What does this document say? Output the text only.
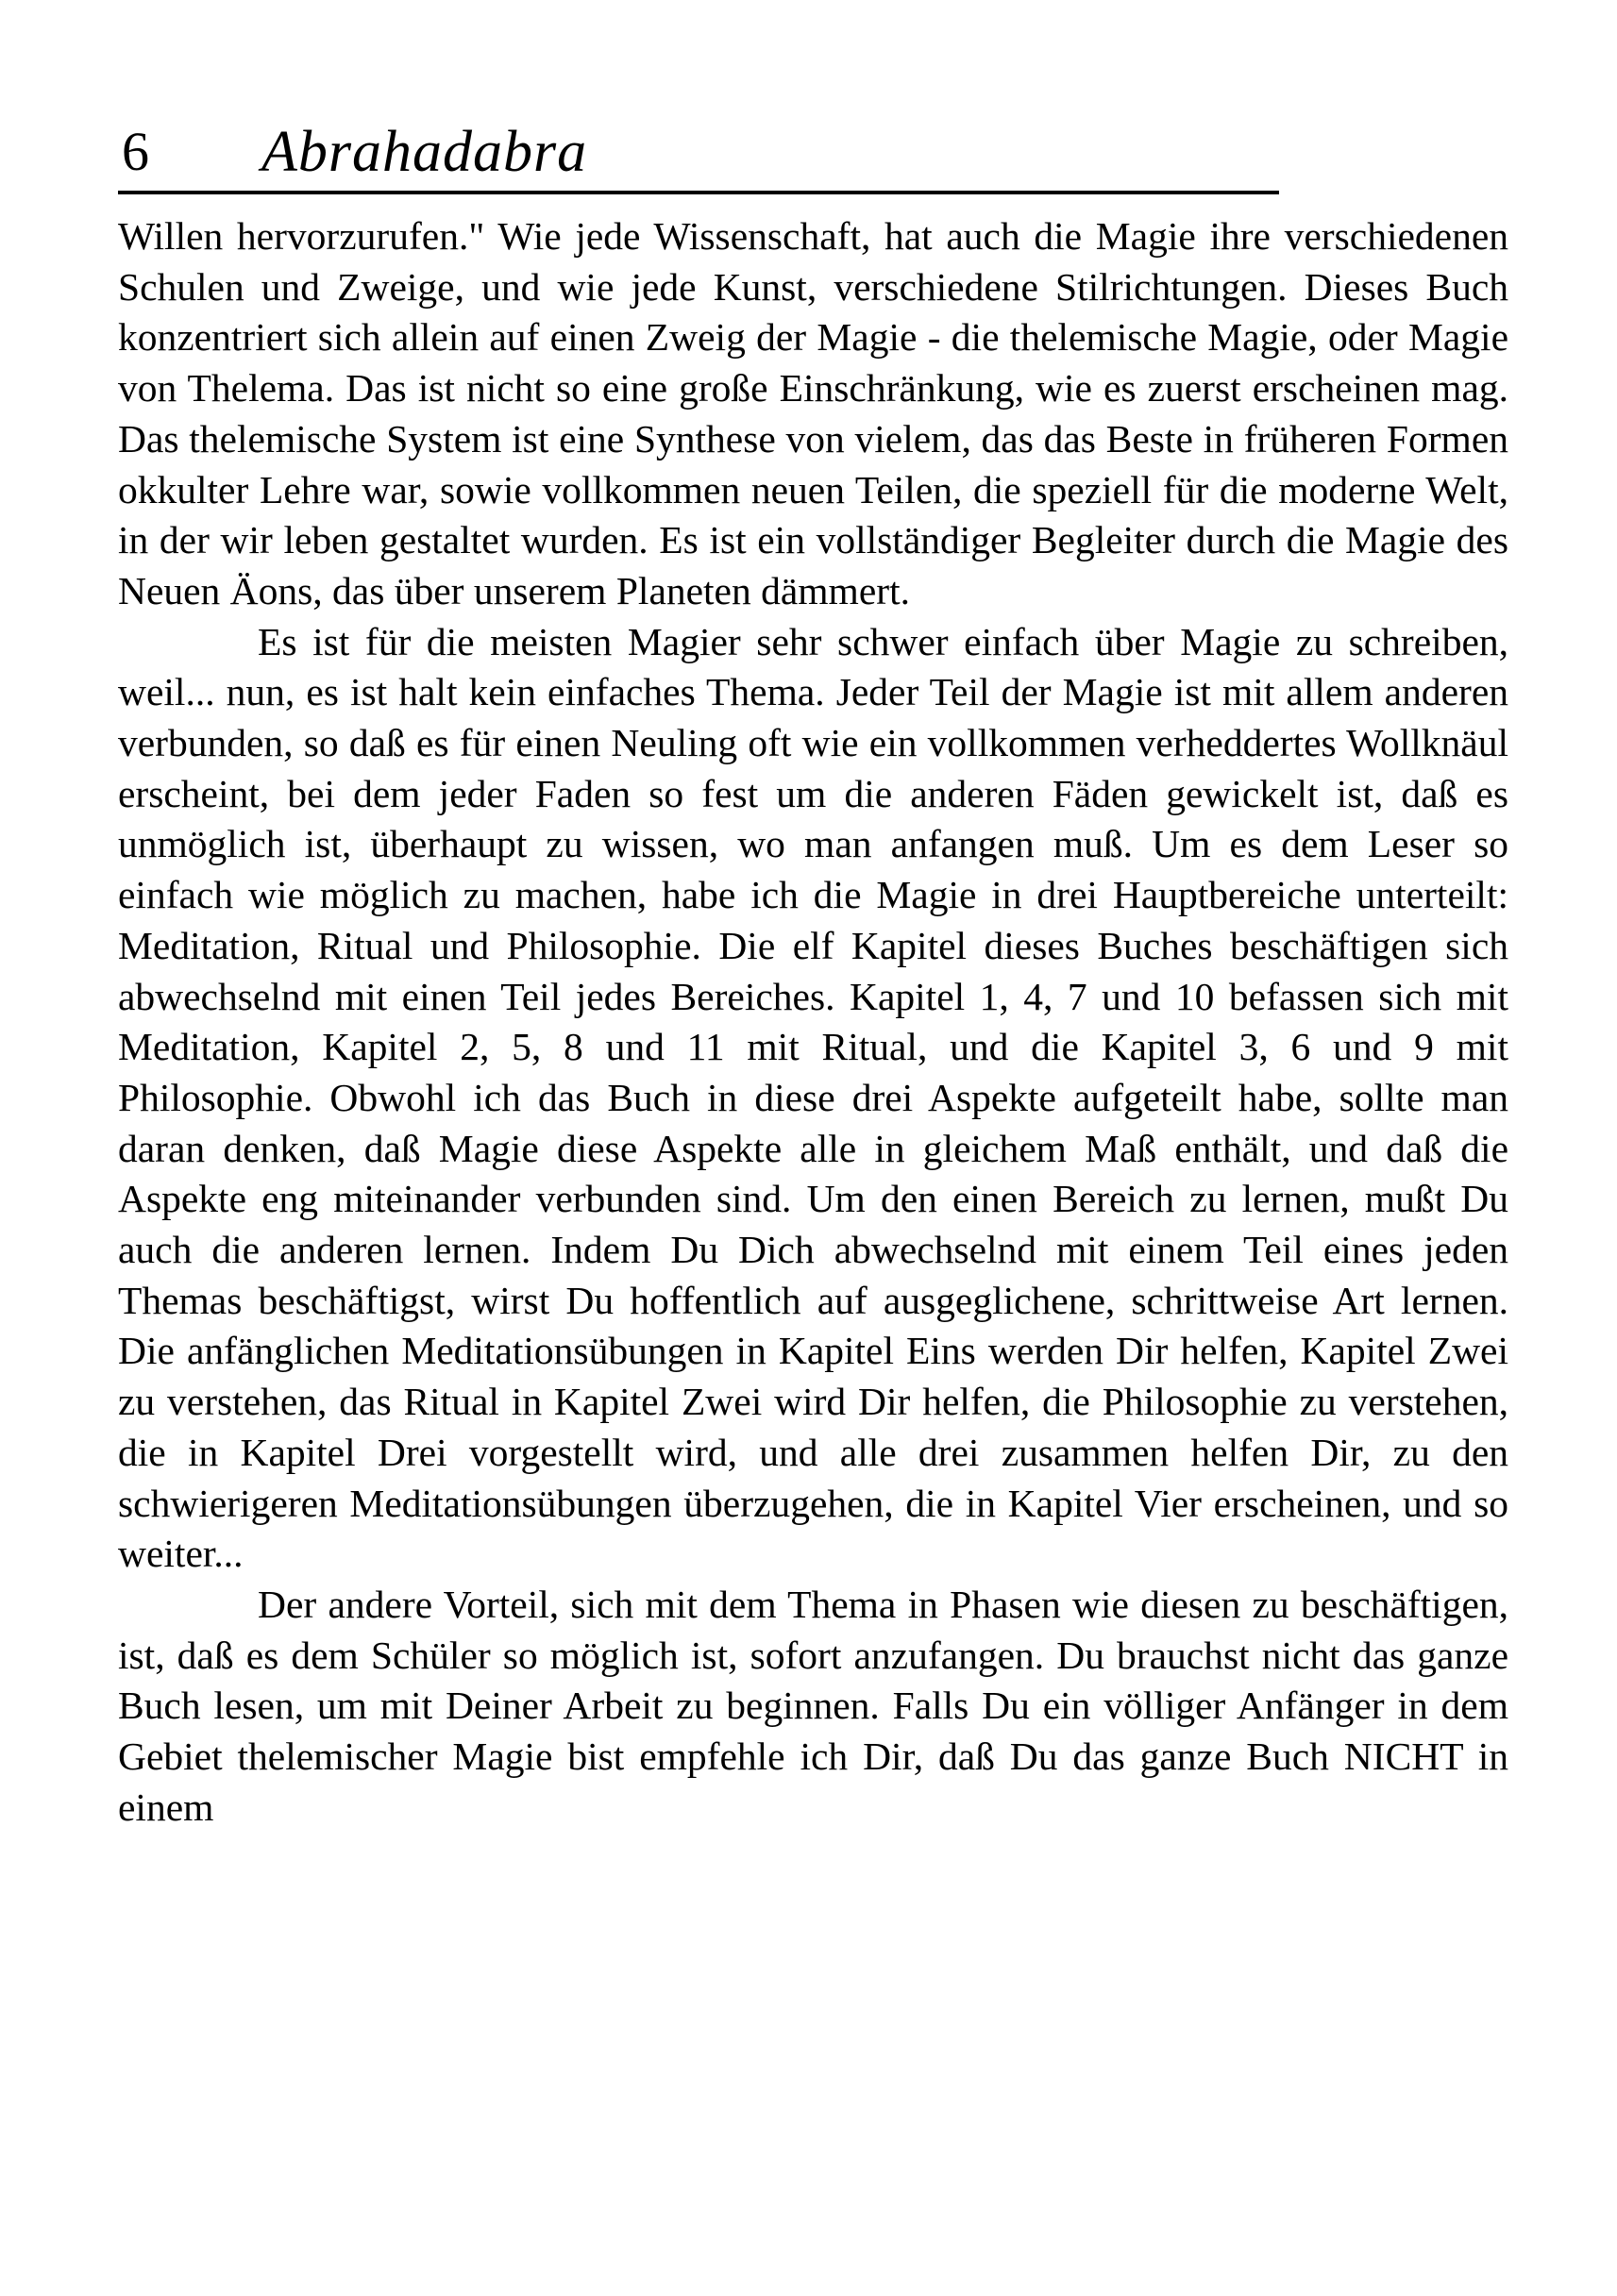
6 Abrahadabra

Willen hervorzurufen." Wie jede Wissenschaft, hat auch die Magie ihre verschiedenen Schulen und Zweige, und wie jede Kunst, verschiedene Stilrichtungen. Dieses Buch konzentriert sich allein auf einen Zweig der Magie - die thelemische Magie, oder Magie von Thelema. Das ist nicht so eine große Einschränkung, wie es zuerst erscheinen mag. Das thelemische System ist eine Synthese von vielem, das das Beste in früheren Formen okkulter Lehre war, sowie vollkommen neuen Teilen, die speziell für die moderne Welt, in der wir leben gestaltet wurden. Es ist ein vollständiger Begleiter durch die Magie des Neuen Äons, das über unserem Planeten dämmert.

Es ist für die meisten Magier sehr schwer einfach über Magie zu schreiben, weil... nun, es ist halt kein einfaches Thema. Jeder Teil der Magie ist mit allem anderen verbunden, so daß es für einen Neuling oft wie ein vollkommen verheddertes Wollknäul erscheint, bei dem jeder Faden so fest um die anderen Fäden gewickelt ist, daß es unmöglich ist, überhaupt zu wissen, wo man anfangen muß. Um es dem Leser so einfach wie möglich zu machen, habe ich die Magie in drei Hauptbereiche unterteilt: Meditation, Ritual und Philosophie. Die elf Kapitel dieses Buches beschäftigen sich abwechselnd mit einen Teil jedes Bereiches. Kapitel 1, 4, 7 und 10 befassen sich mit Meditation, Kapitel 2, 5, 8 und 11 mit Ritual, und die Kapitel 3, 6 und 9 mit Philosophie. Obwohl ich das Buch in diese drei Aspekte aufgeteilt habe, sollte man daran denken, daß Magie diese Aspekte alle in gleichem Maß enthält, und daß die Aspekte eng miteinander verbunden sind. Um den einen Bereich zu lernen, mußt Du auch die anderen lernen. Indem Du Dich abwechselnd mit einem Teil eines jeden Themas beschäftigst, wirst Du hoffentlich auf ausgeglichene, schrittweise Art lernen. Die anfänglichen Meditationsübungen in Kapitel Eins werden Dir helfen, Kapitel Zwei zu verstehen, das Ritual in Kapitel Zwei wird Dir helfen, die Philosophie zu verstehen, die in Kapitel Drei vorgestellt wird, und alle drei zusammen helfen Dir, zu den schwierigeren Meditationsübungen überzugehen, die in Kapitel Vier erscheinen, und so weiter...

Der andere Vorteil, sich mit dem Thema in Phasen wie diesen zu beschäftigen, ist, daß es dem Schüler so möglich ist, sofort anzufangen. Du brauchst nicht das ganze Buch lesen, um mit Deiner Arbeit zu beginnen. Falls Du ein völliger Anfänger in dem Gebiet thelemischer Magie bist empfehle ich Dir, daß Du das ganze Buch NICHT in einem
